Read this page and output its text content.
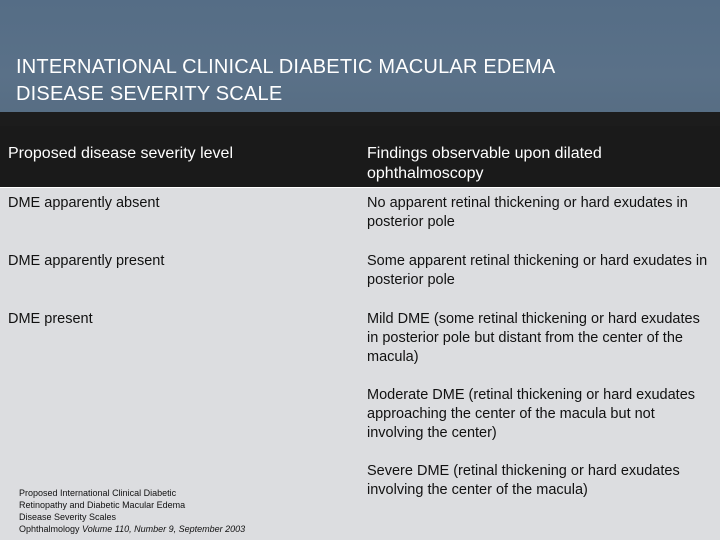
INTERNATIONAL CLINICAL DIABETIC MACULAR EDEMA
DISEASE SEVERITY SCALE
Proposed disease severity level	Findings observable upon dilated ophthalmoscopy
DME apparently absent	No apparent retinal thickening or hard exudates in posterior pole
DME apparently present	Some apparent retinal thickening or hard exudates in posterior pole
DME present	Mild DME (some retinal thickening or hard exudates in posterior pole but distant from the center of the macula)
	Moderate DME (retinal thickening or hard exudates approaching the center of the macula but not involving the center)
	Severe DME (retinal thickening or hard exudates involving the center of the macula)
Proposed International Clinical Diabetic
Retinopathy and Diabetic Macular Edema
Disease Severity Scales
Ophthalmology Volume 110, Number 9, September 2003
